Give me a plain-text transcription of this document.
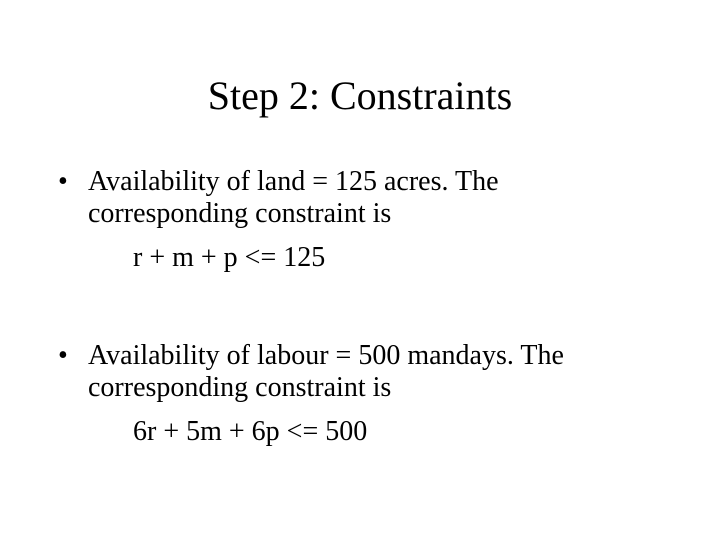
Step 2: Constraints
• Availability of land = 125 acres. The
corresponding constraint is
r + m + p <= 125
• Availability of labour = 500 mandays. The
corresponding constraint is
6r + 5m + 6p <= 500
